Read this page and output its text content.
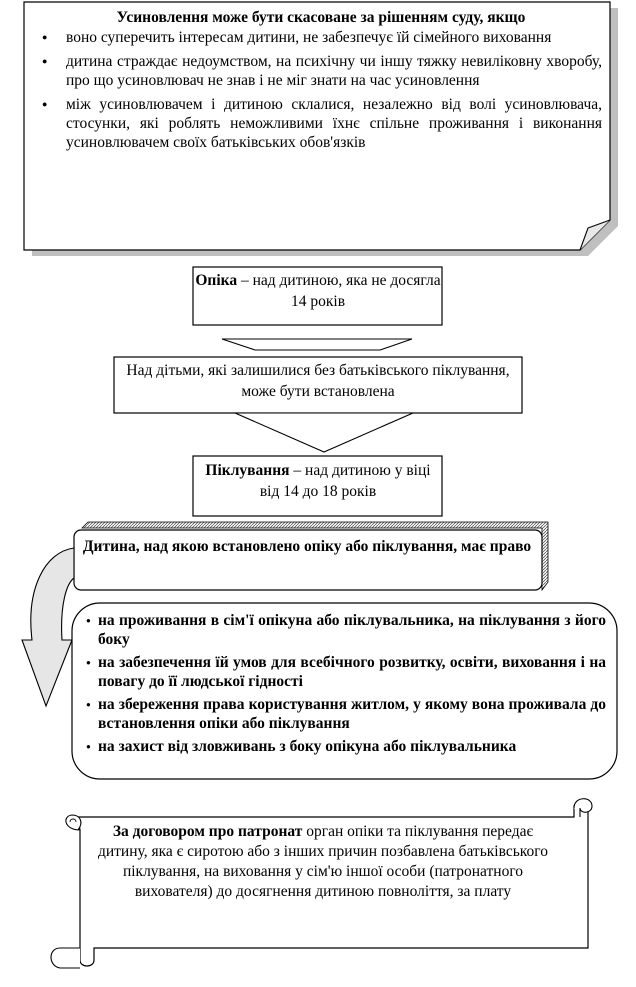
Усиновлення може бути скасоване за рішенням суду, якщо
● воно суперечить інтересам дитини, не забезпечує їй сімейного виховання
● дитина страждає недоумством, на психічну чи іншу тяжку невиліковну хворобу, про що усиновлювач не знав і не міг знати на час усиновлення
● між усиновлювачем і дитиною склалися, незалежно від волі усиновлювача, стосунки, які роблять неможливими їхнє спільне проживання і виконання усиновлювачем своїх батьківських обов'язків
Опіка – над дитиною, яка не досягла 14 років
Над дітьми, які залишилися без батьківського піклування, може бути встановлена
Піклування – над дитиною у віці від 14 до 18 років
Дитина, над якою встановлено опіку або піклування, має право
● на проживання в сім'ї опікуна або піклувальника, на піклування з його боку
● на забезпечення їй умов для всебічного розвитку, освіти, виховання і на повагу до її людської гідності
● на збереження права користування житлом, у якому вона проживала до встановлення опіки або піклування
● на захист від зловживань з боку опікуна або піклувальника
За договором про патронат орган опіки та піклування передає дитину, яка є сиротою або з інших причин позбавлена батьківського піклування, на виховання у сім'ю іншої особи (патронатного вихователя) до досягнення дитиною повноліття, за плату
